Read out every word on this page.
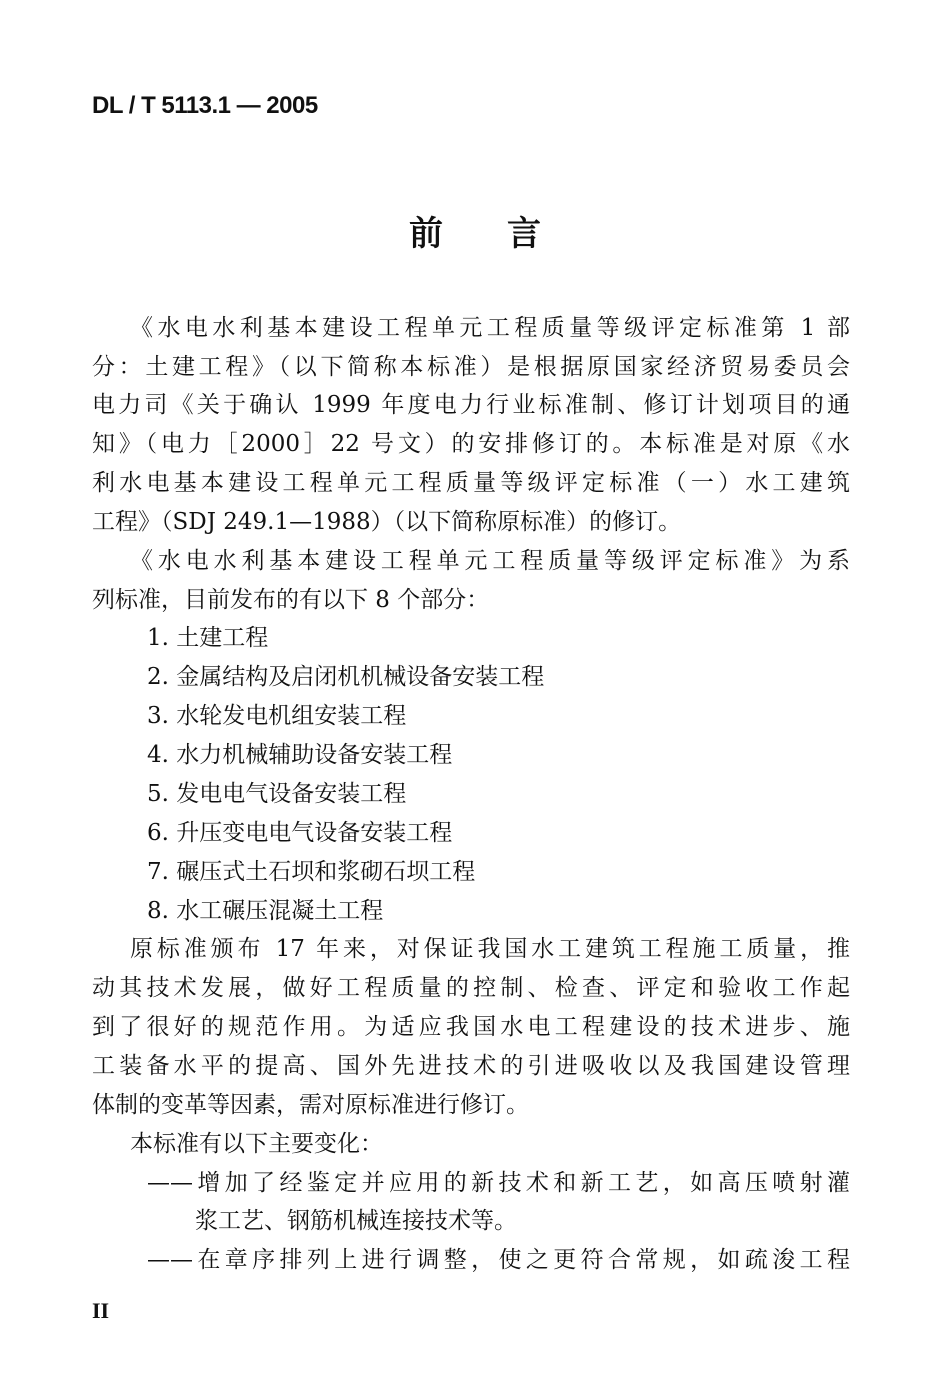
DL / T 5113.1 — 2005
前 言
《水电水利基本建设工程单元工程质量等级评定标准第 1 部
分：土建工程》（以下简称本标准）是根据原国家经济贸易委员会
电力司《关于确认 1999 年度电力行业标准制、修订计划项目的通
知》（电力［2000］22 号文）的安排修订的。本标准是对原《水
利水电基本建设工程单元工程质量等级评定标准（一）水工建筑
工程》（SDJ 249.1—1988）（以下简称原标准）的修订。
《水电水利基本建设工程单元工程质量等级评定标准》为系
列标准，目前发布的有以下 8 个部分：
1. 土建工程
2. 金属结构及启闭机机械设备安装工程
3. 水轮发电机组安装工程
4. 水力机械辅助设备安装工程
5. 发电电气设备安装工程
6. 升压变电电气设备安装工程
7. 碾压式土石坝和浆砌石坝工程
8. 水工碾压混凝土工程
原标准颁布 17 年来，对保证我国水工建筑工程施工质量，推
动其技术发展，做好工程质量的控制、检查、评定和验收工作起
到了很好的规范作用。为适应我国水电工程建设的技术进步、施
工装备水平的提高、国外先进技术的引进吸收以及我国建设管理
体制的变革等因素，需对原标准进行修订。
本标准有以下主要变化：
——增加了经鉴定并应用的新技术和新工艺，如高压喷射灌
浆工艺、钢筋机械连接技术等。
——在章序排列上进行调整，使之更符合常规，如疏浚工程
II
